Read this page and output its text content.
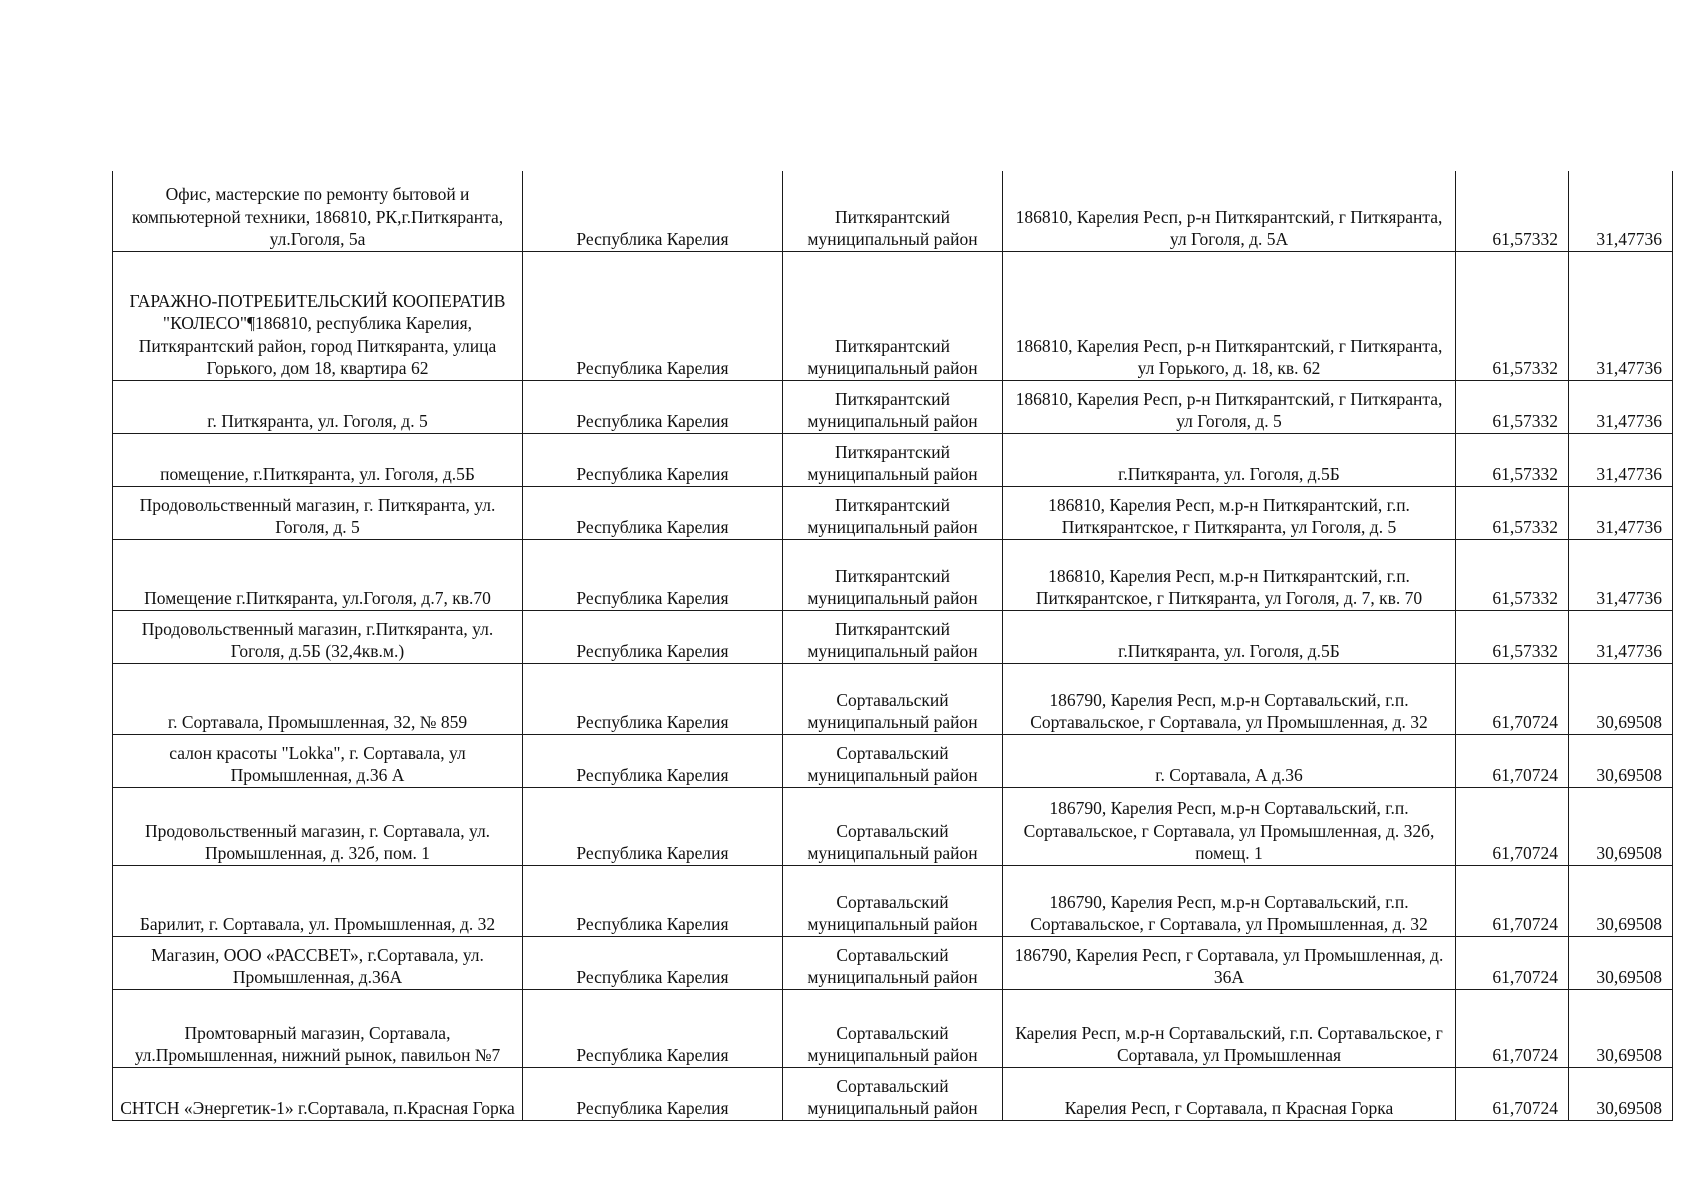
Офис, мастерские по ремонту бытовой и компьютерной техники, 186810, РК,г.Питкяранта, ул.Гоголя, 5а	Республика Карелия	Питкярантский муниципальный район	186810, Карелия Респ, р-н Питкярантский, г Питкяранта, ул Гоголя, д. 5А	61,57332	31,47736
ГАРАЖНО-ПОТРЕБИТЕЛЬСКИЙ КООПЕРАТИВ "КОЛЕСО"¶186810, республика Карелия, Питкярантский район, город Питкяранта, улица Горького, дом 18, квартира 62	Республика Карелия	Питкярантский муниципальный район	186810, Карелия Респ, р-н Питкярантский, г Питкяранта, ул Горького, д. 18, кв. 62	61,57332	31,47736
г. Питкяранта, ул. Гоголя, д. 5	Республика Карелия	Питкярантский муниципальный район	186810, Карелия Респ, р-н Питкярантский, г Питкяранта, ул Гоголя, д. 5	61,57332	31,47736
помещение, г.Питкяранта, ул. Гоголя, д.5Б	Республика Карелия	Питкярантский муниципальный район	г.Питкяранта, ул. Гоголя, д.5Б	61,57332	31,47736
Продовольственный магазин, г. Питкяранта, ул. Гоголя, д. 5	Республика Карелия	Питкярантский муниципальный район	186810, Карелия Респ, м.р-н Питкярантский, г.п. Питкярантское, г Питкяранта, ул Гоголя, д. 5	61,57332	31,47736
Помещение г.Питкяранта, ул.Гоголя, д.7, кв.70	Республика Карелия	Питкярантский муниципальный район	186810, Карелия Респ, м.р-н Питкярантский, г.п. Питкярантское, г Питкяранта, ул Гоголя, д. 7, кв. 70	61,57332	31,47736
Продовольственный магазин, г.Питкяранта, ул. Гоголя, д.5Б (32,4кв.м.)	Республика Карелия	Питкярантский муниципальный район	г.Питкяранта, ул. Гоголя, д.5Б	61,57332	31,47736
г. Сортавала, Промышленная, 32, № 859	Республика Карелия	Сортавальский муниципальный район	186790, Карелия Респ, м.р-н Сортавальский, г.п. Сортавальское, г Сортавала, ул Промышленная, д. 32	61,70724	30,69508
салон красоты "Lokka", г. Сортавала, ул Промышленная, д.36 А	Республика Карелия	Сортавальский муниципальный район	г. Сортавала, А д.36	61,70724	30,69508
Продовольственный магазин, г. Сортавала, ул. Промышленная, д. 32б, пом. 1	Республика Карелия	Сортавальский муниципальный район	186790, Карелия Респ, м.р-н Сортавальский, г.п. Сортавальское, г Сортавала, ул Промышленная, д. 32б, помещ. 1	61,70724	30,69508
Барилит, г. Сортавала, ул. Промышленная, д. 32	Республика Карелия	Сортавальский муниципальный район	186790, Карелия Респ, м.р-н Сортавальский, г.п. Сортавальское, г Сортавала, ул Промышленная, д. 32	61,70724	30,69508
Магазин, ООО «РАССВЕТ», г.Сортавала, ул. Промышленная, д.36А	Республика Карелия	Сортавальский муниципальный район	186790, Карелия Респ, г Сортавала, ул Промышленная, д. 36А	61,70724	30,69508
Промтоварный магазин, Сортавала, ул.Промышленная, нижний рынок, павильон №7	Республика Карелия	Сортавальский муниципальный район	Карелия Респ, м.р-н Сортавальский, г.п. Сортавальское, г Сортавала, ул Промышленная	61,70724	30,69508
СНТСН «Энергетик-1» г.Сортавала, п.Красная Горка	Республика Карелия	Сортавальский муниципальный район	Карелия Респ, г Сортавала, п Красная Горка	61,70724	30,69508
